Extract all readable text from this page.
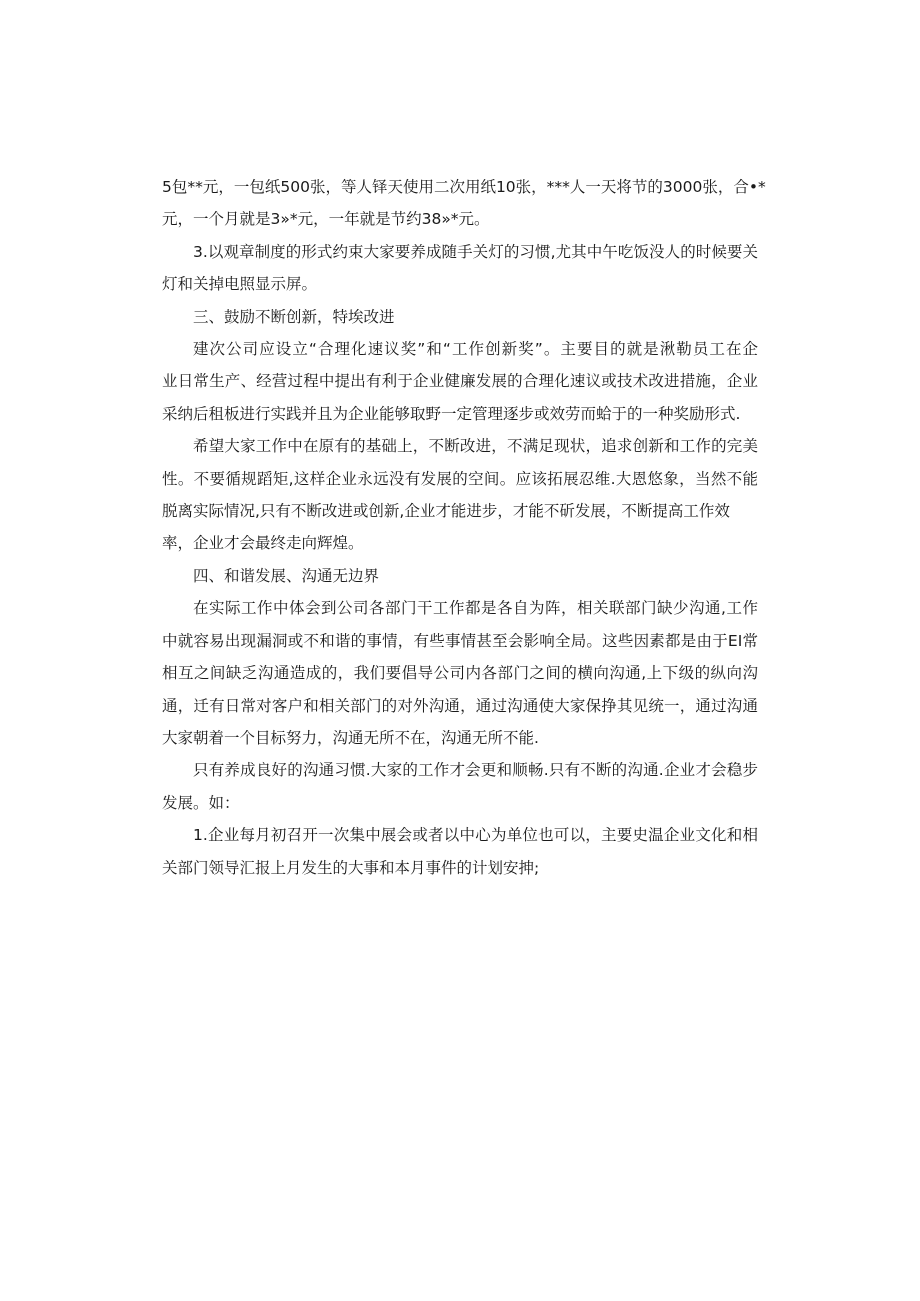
5包**元，一包纸500张，等人铎天使用二次用纸10张，***人一天将节的3000张，合•*
元，一个月就是3»*元，一年就是节约38»*元。
3.以观章制度的形式约束大家要养成随手关灯的习惯,尤其中午吃饭没人的时候要关
灯和关掉电照显示屏。
三、鼓励不断创新，特埃改进
建次公司应设立“合理化速议奖”和“工作创新奖”。主要目的就是湫勒员工在企
业日常生产、经营过程中提出有利于企业健廉发展的合理化速议或技术改进措施，企业
采纳后租板进行实践并且为企业能够取野一定管理逐步或效劳而蛤于的一种奖励形式.
希望大家工作中在原有的基础上，不断改进，不满足现状，追求创新和工作的完美
性。不要循规蹈矩,这样企业永远没有发展的空间。应该拓展忍维.大恩悠象，当然不能
脱离实际情况,只有不断改进或创新,企业才能进步，才能不斫发展，不断提高工作效
率，企业才会最终走向辉煌。
四、和谐发展、沟通无边界
在实际工作中体会到公司各部门干工作都是各自为阵，相关联部门缺少沟通,工作
中就容易出现漏洞或不和谐的事情，有些事情甚至会影响全局。这些因素都是由于EI常
相互之间缺乏沟通造成的，我们要倡导公司内各部门之间的横向沟通,上下级的纵向沟
通，迁有日常对客户和相关部门的对外沟通，通过沟通使大家保挣其见统一，通过沟通
大家朝着一个目标努力，沟通无所不在，沟通无所不能.
只有养成良好的沟通习惯.大家的工作才会更和顺畅.只有不断的沟通.企业才会稳步
发展。如：
1.企业每月初召开一次集中展会或者以中心为单位也可以，主要史温企业文化和相
关部门领导汇报上月发生的大事和本月事件的计划安抻;
